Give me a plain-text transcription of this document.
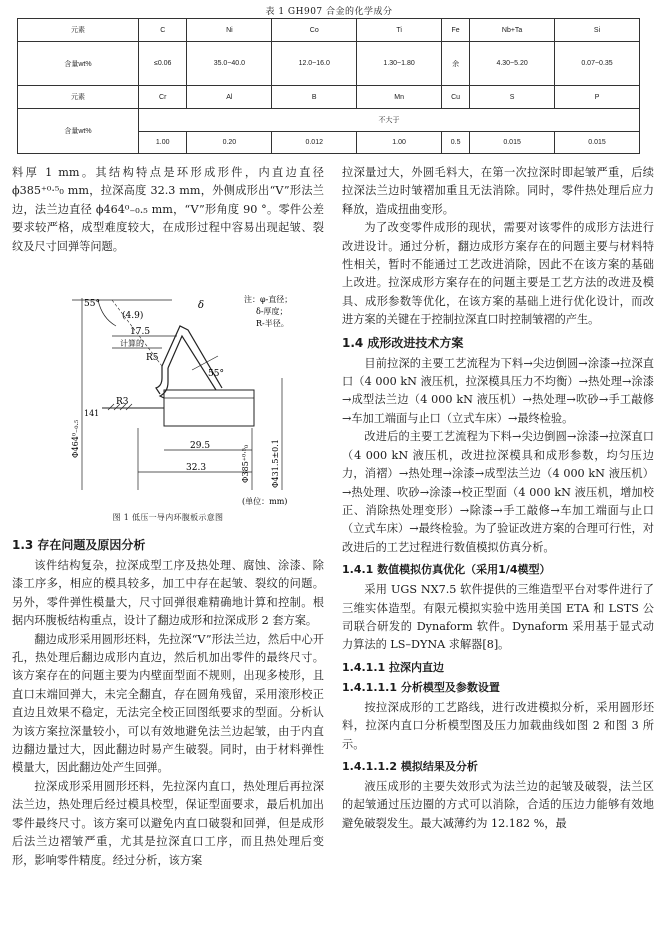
表 1 GH907 合金的化学成分
元素	C	Ni	Co	Ti	Fe	Nb+Ta	Si
含量wt%	≤0.06	35.0~40.0	12.0~16.0	1.30~1.80	余	4.30~5.20	0.07~0.35
元素	Cr	Al	B	Mn	Cu	S	P
含量wt%	不大于						
	1.00	0.20	0.012	1.00	0.5	0.015	0.015

料厚 1 mm。其结构特点是环形成形件，内直边直径 ϕ385⁺⁰·⁵₀ mm，拉深高度 32.3 mm，外侧成形出“V”形法兰边，法兰边直径 ϕ464⁰₋₀.₅ mm，“V”形角度 90 °。零件公差要求较严格，成型难度较大，在成形过程中容易出现起皱、裂纹及尺寸回弹等问题。

55°
55°
δ
(4.9)
17.5
计算的
R5
R3
141
29.5
32.3
Φ464⁰₋₀.₅
Φ385⁺⁰·⁵₀	Φ431.5±0.1
(单位：mm)
注：φ-直径；
δ-厚度；
R-半径。
图 1 低压一导内环腹板示意图
1.3 存在问题及原因分析

该件结构复杂，拉深成型工序及热处理、腐蚀、涂漆、除漆工序多，相应的模具较多，加工中存在起皱、裂纹的问题。另外，零件弹性模量大，尺寸回弹很难精确地计算和控制。根据内环腹板结构重点，设计了翻边成形和拉深成形 2 套方案。

翻边成形采用圆形坯料，先拉深“V”形法兰边，然后中心开孔，热处理后翻边成形内直边，然后机加出零件的最终尺寸。该方案存在的问题主要为内壁面型面不规则，出现多棱形，且直口末端回弹大，未完全翻直，存在圆角残留，采用滚形校正直边且效果不稳定，无法完全校正回图纸要求的型面。分析认为该方案拉深量较小，可以有效地避免法兰边起皱，由于内直边翻边量过大，因此翻边时易产生破裂。同时，由于材料弹性模量大，因此翻边处产生回弹。

拉深成形采用圆形坯料，先拉深内直口，热处理后再拉深法兰边，热处理后经过模具校型，保证型面要求，最后机加出零件最终尺寸。该方案可以避免内直口破裂和回弹，但是成形后法兰边褶皱严重，尤其是拉深直口工序，而且热处理后变形，影响零件精度。经过分析，该方案

拉深量过大，外圆毛料大，在第一次拉深时即起皱严重，后续拉深法兰边时皱褶加重且无法消除。同时，零件热处理后应力释放，造成扭曲变形。

为了改变零件成形的现状，需要对该零件的成形方法进行改进设计。通过分析，翻边成形方案存在的问题主要与材料特性相关，暂时不能通过工艺改进消除，因此不在该方案的基础上改进。拉深成形方案存在的问题主要是工艺方法的改进及模具、成形参数等优化，在该方案的基础上进行优化设计，而改进方案的关键在于控制拉深直口时控制皱褶的产生。

1.4 成形改进技术方案

目前拉深的主要工艺流程为下料→尖边倒圆→涂漆→拉深直口（4 000 kN 液压机，拉深模具压力不均衡）→热处理→涂漆→成型法兰边（4 000 kN 液压机）→热处理→吹砂→手工敲修→车加工端面与止口（立式车床）→最终检验。

改进后的主要工艺流程为下料→尖边倒圆→涂漆→拉深直口（4 000 kN 液压机，改进拉深模具和成形参数，均匀压边力，消褶）→热处理→涂漆→成型法兰边（4 000 kN 液压机）→热处理、吹砂→涂漆→校正型面（4 000 kN 液压机，增加校正、消除热处理变形）→除漆→手工敲修→车加工端面与止口（立式车床）→最终检验。为了验证改进方案的合理可行性，对改进后的工艺过程进行数值模拟仿真分析。

1.4.1 数值模拟仿真优化（采用1/4模型）

采用 UGS NX7.5 软件提供的三维造型平台对零件进行了三维实体造型。有限元模拟实验中选用美国 ETA 和 LSTS 公司联合研发的 Dynaform 软件。Dynaform 采用基于显式动力算法的 LS–DYNA 求解器[8]。

1.4.1.1 拉深内直边
1.4.1.1.1 分析模型及参数设置

按拉深成形的工艺路线，进行改进模拟分析，采用圆形坯料，拉深内直口分析模型图及压力加载曲线如图 2 和图 3 所示。

1.4.1.1.2 模拟结果及分析

液压成形的主要失效形式为法兰边的起皱及破裂，法兰区的起皱通过压边圈的方式可以消除，合适的压边力能够有效地避免破裂发生。最大减薄约为 12.182 %，最
